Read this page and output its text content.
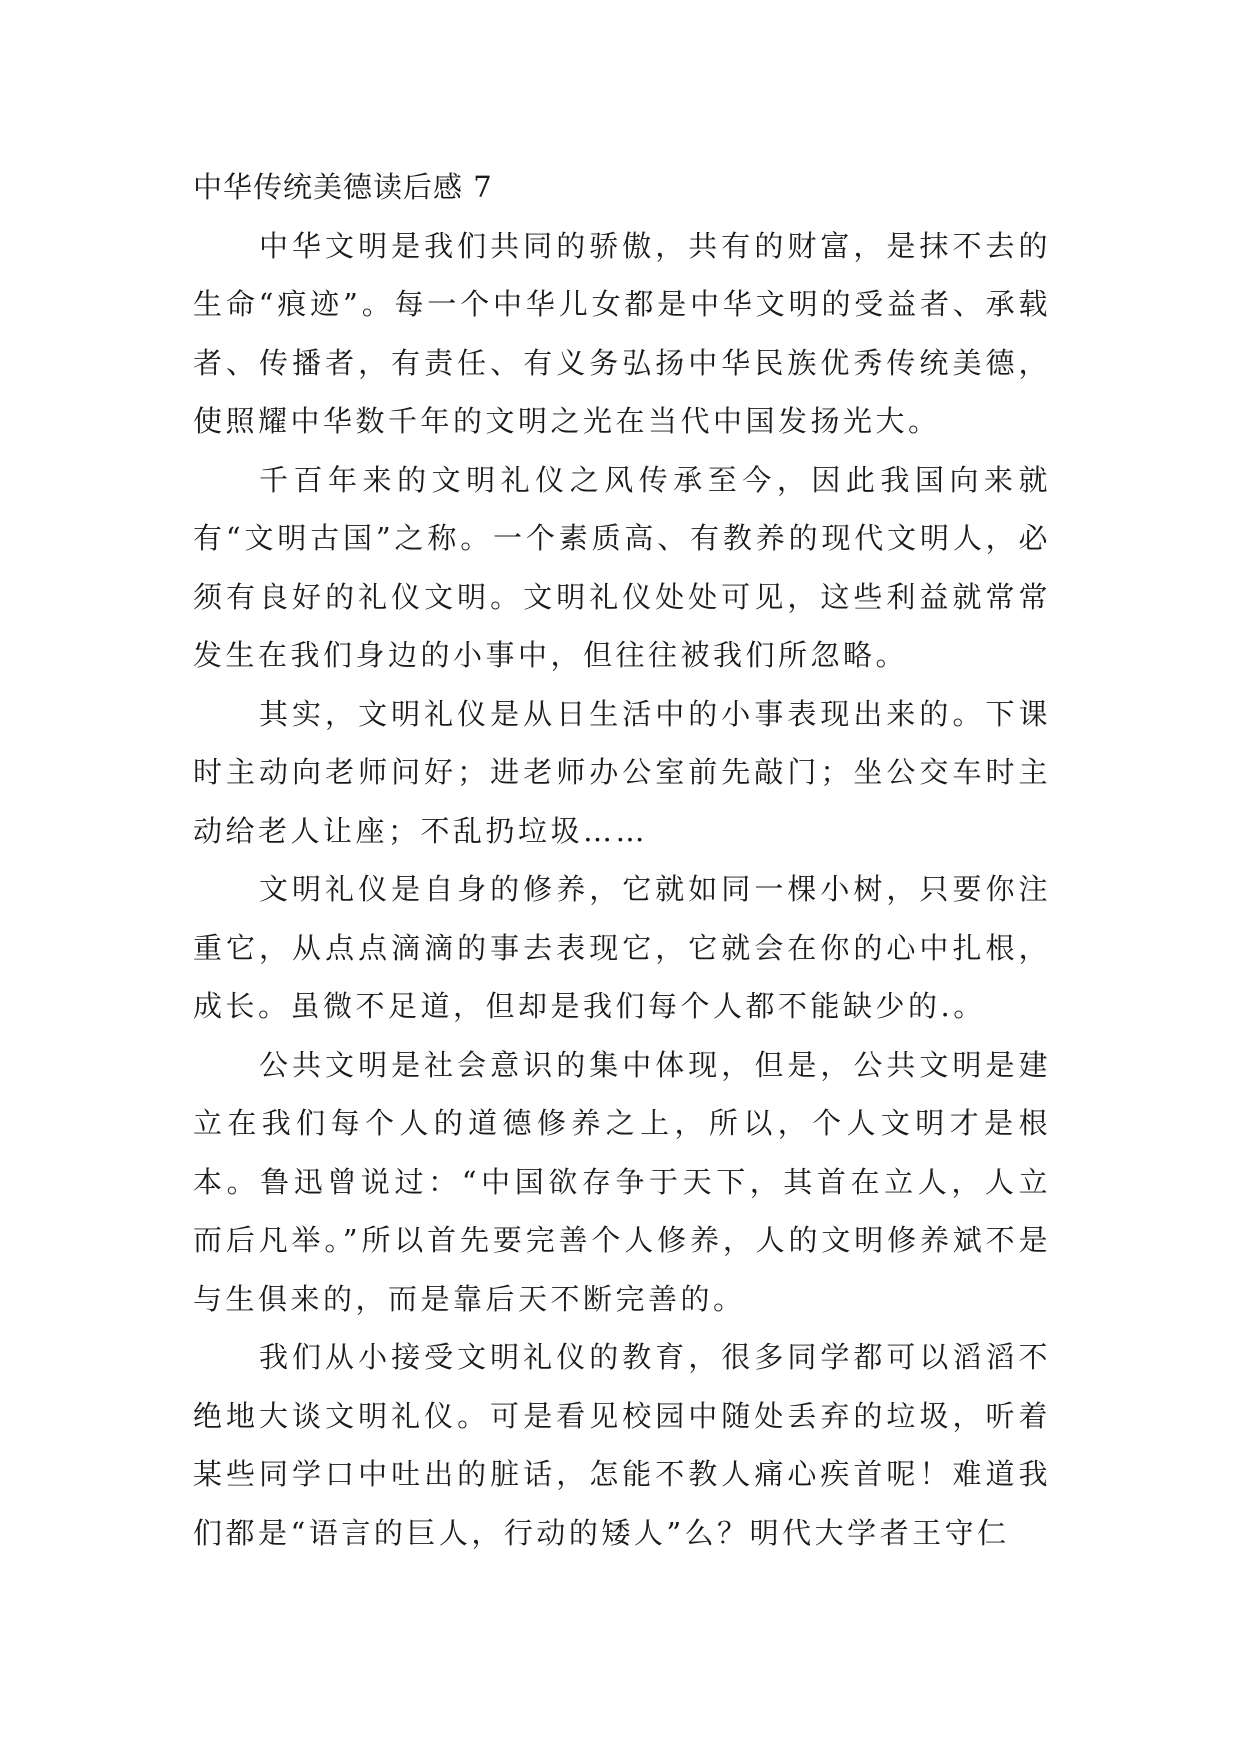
中华传统美德读后感 7

中华文明是我们共同的骄傲，共有的财富，是抹不去的生命“痕迹”。每一个中华儿女都是中华文明的受益者、承载者、传播者，有责任、有义务弘扬中华民族优秀传统美德，使照耀中华数千年的文明之光在当代中国发扬光大。

千百年来的文明礼仪之风传承至今，因此我国向来就有“文明古国”之称。一个素质高、有教养的现代文明人，必须有良好的礼仪文明。文明礼仪处处可见，这些利益就常常发生在我们身边的小事中，但往往被我们所忽略。

其实，文明礼仪是从日生活中的小事表现出来的。下课时主动向老师问好；进老师办公室前先敲门；坐公交车时主动给老人让座；不乱扔垃圾……

文明礼仪是自身的修养，它就如同一棵小树，只要你注重它，从点点滴滴的事去表现它，它就会在你的心中扎根，成长。虽微不足道，但却是我们每个人都不能缺少的.。

公共文明是社会意识的集中体现，但是，公共文明是建立在我们每个人的道德修养之上，所以，个人文明才是根本。鲁迅曾说过：“中国欲存争于天下，其首在立人，人立而后凡举。”所以首先要完善个人修养，人的文明修养斌不是与生俱来的，而是靠后天不断完善的。

我们从小接受文明礼仪的教育，很多同学都可以滔滔不绝地大谈文明礼仪。可是看见校园中随处丢弃的垃圾，听着某些同学口中吐出的脏话，怎能不教人痛心疾首呢！难道我们都是“语言的巨人，行动的矮人”么？明代大学者王守仁
